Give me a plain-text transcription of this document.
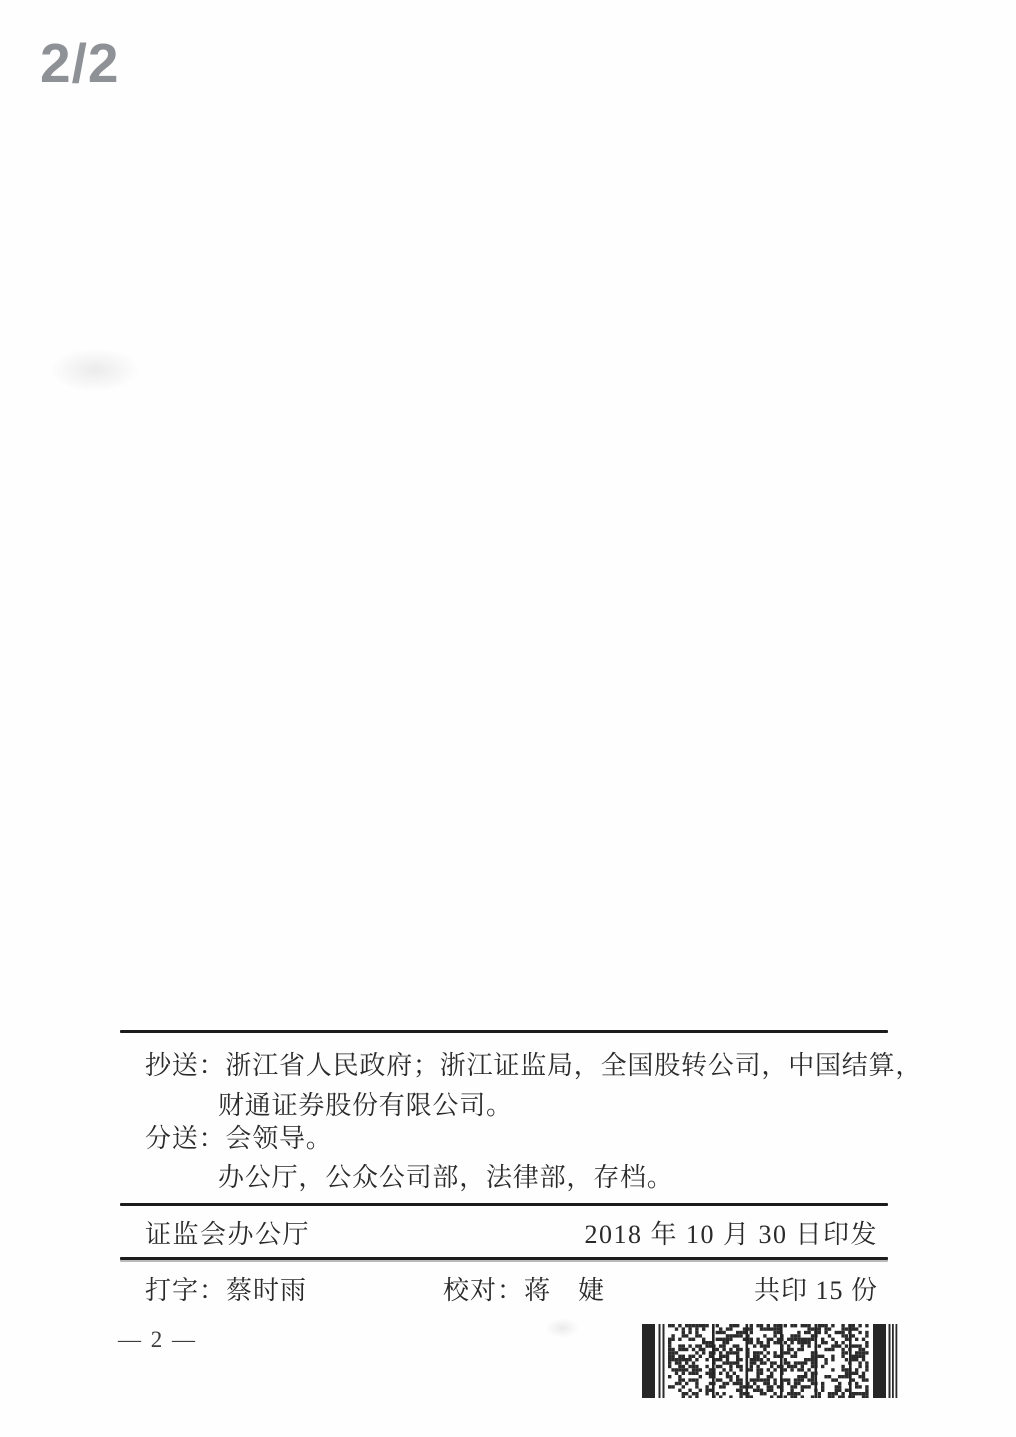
2/2
抄送：浙江省人民政府；浙江证监局，全国股转公司，中国结算，
财通证券股份有限公司。
分送：会领导。
办公厅，公众公司部，法律部，存档。
证监会办公厅	2018 年 10 月 30 日印发
打字：蔡时雨	校对：蒋　婕	共印 15 份
— 2 —
